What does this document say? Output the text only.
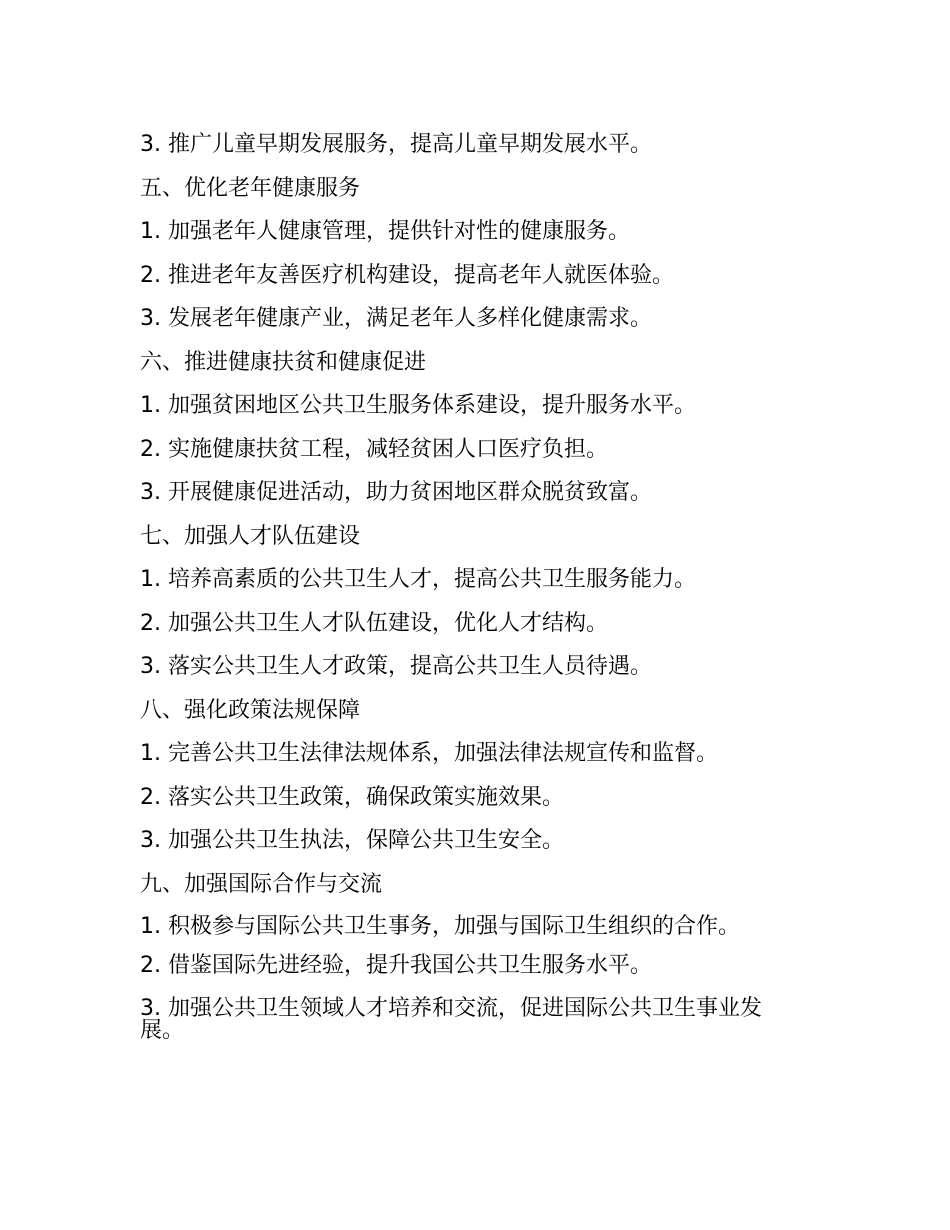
3. 推广儿童早期发展服务，提高儿童早期发展水平。
五、优化老年健康服务
1. 加强老年人健康管理，提供针对性的健康服务。
2. 推进老年友善医疗机构建设，提高老年人就医体验。
3. 发展老年健康产业，满足老年人多样化健康需求。
六、推进健康扶贫和健康促进
1. 加强贫困地区公共卫生服务体系建设，提升服务水平。
2. 实施健康扶贫工程，减轻贫困人口医疗负担。
3. 开展健康促进活动，助力贫困地区群众脱贫致富。
七、加强人才队伍建设
1. 培养高素质的公共卫生人才，提高公共卫生服务能力。
2. 加强公共卫生人才队伍建设，优化人才结构。
3. 落实公共卫生人才政策，提高公共卫生人员待遇。
八、强化政策法规保障
1. 完善公共卫生法律法规体系，加强法律法规宣传和监督。
2. 落实公共卫生政策，确保政策实施效果。
3. 加强公共卫生执法，保障公共卫生安全。
九、加强国际合作与交流
1. 积极参与国际公共卫生事务，加强与国际卫生组织的合作。
2. 借鉴国际先进经验，提升我国公共卫生服务水平。
3. 加强公共卫生领域人才培养和交流，促进国际公共卫生事业发展。
